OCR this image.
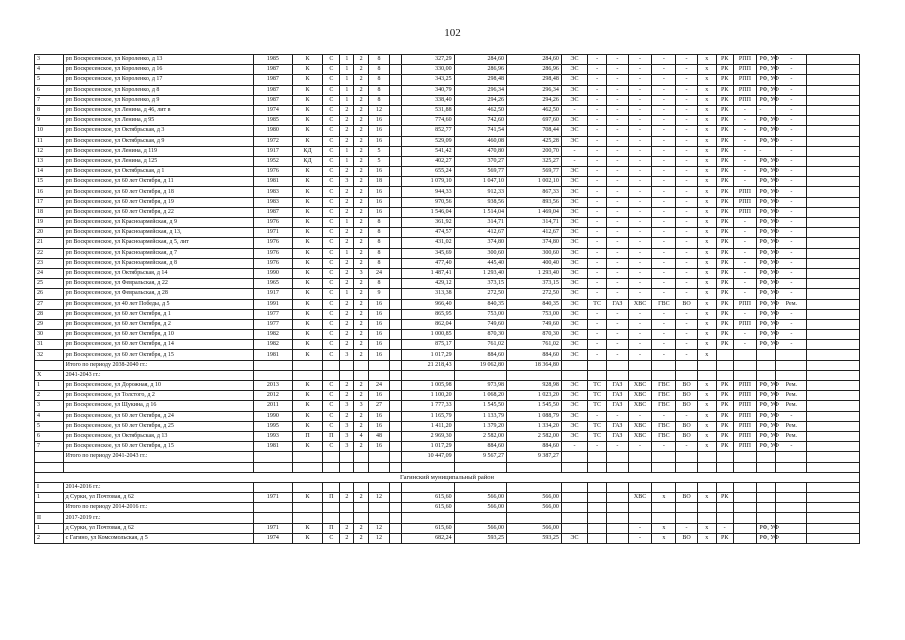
102
3	рп Воскресенское, ул Короленко, д 13	1985	К	С	1	2	8		327,29	284,60	284,60	ЭС	-	-	-	-	-	х	РК	РПП	РФ, УФ	-	
4	рп Воскресенское, ул Короленко, д 16	1987	К	С	1	2	8		330,00	286,96	286,96	ЭС	-	-	-	-	-	х	РК	РПП	РФ, УФ	-	
5	рп Воскресенское, ул Короленко, д 17	1987	К	С	1	2	8		343,25	298,48	298,48	ЭС	-	-	-	-	-	х	РК	РПП	РФ, УФ	-	
6	рп Воскресенское, ул Короленко, д 8	1987	К	С	1	2	8		340,79	296,34	296,34	ЭС	-	-	-	-	-	х	РК	РПП	РФ, УФ	-	
7	рп Воскресенское, ул Короленко, д 9	1987	К	С	1	2	8		338,40	294,26	294,26	ЭС	-	-	-	-	-	х	РК	РПП	РФ, УФ	-	
8	рп Воскресенское, ул Ленина, д 46, лит в	1974	К	С	2	2	12		531,88	462,50	462,50	-	-	-	-	-	-	х	РК	-	-	-	
9	рп Воскресенское, ул Ленина, д 95	1985	К	С	2	2	16		774,60	742,60	697,60	ЭС	-	-	-	-	-	х	РК	-	РФ, УФ	-	
10	рп Воскресенское, ул Октябрьская, д 3	1980	К	С	2	2	16		852,77	741,54	708,44	ЭС	-	-	-	-	-	х	РК	-	РФ, УФ	-	
11	рп Воскресенское, ул Октябрьская, д 9	1972	К	С	2	2	16		529,09	460,08	425,28	ЭС	-	-	-	-	-	х	РК	-	РФ, УФ	-	
12	рп Воскресенское, ул Ленина, д 119	1917	КД	С	1	2	5		541,42	470,80	200,70	-	-	-	-	-	-	х	РК	-	-	-	
13	рп Воскресенское, ул Ленина, д 125	1952	КД	С	1	2	5		402,27	370,27	325,27	-	-	-	-	-	-	х	РК	-	РФ, УФ	-	
14	рп Воскресенское, ул Октябрьская, д 1	1976	К	С	2	2	16		655,24	569,77	569,77	ЭС	-	-	-	-	-	х	РК	-	РФ, УФ	-	
15	рп Воскресенское, ул 60 лет Октября, д 11	1981	К	С	3	2	18		1 079,10	1 047,10	1 002,10	ЭС	-	-	-	-	-	х	РК	-	РФ, УФ	-	
16	рп Воскресенское, ул 60 лет Октября, д 18	1983	К	С	2	2	16		944,33	912,33	867,33	ЭС	-	-	-	-	-	х	РК	РПП	РФ, УФ	-	
17	рп Воскресенское, ул 60 лет Октября, д 19	1983	К	С	2	2	16		970,56	938,56	893,56	ЭС	-	-	-	-	-	х	РК	РПП	РФ, УФ	-	
18	рп Воскресенское, ул 60 лет Октября, д 22	1987	К	С	2	2	16		1 546,04	1 514,04	1 469,04	ЭС	-	-	-	-	-	х	РК	РПП	РФ, УФ	-	
19	рп Воскресенское, ул Красноармейская, д 9	1976	К	С	1	2	8		361,92	314,71	314,71	ЭС	-	-	-	-	-	х	РК	-	РФ, УФ	-	
20	рп Воскресенское, ул Красноармейская, д 13,	1971	К	С	2	2	8		474,57	412,67	412,67	ЭС	-	-	-	-	-	х	РК	-	РФ, УФ	-	
21	рп Воскресенское, ул Красноармейская, д 5, лит	1976	К	С	2	2	8		431,02	374,80	374,80	ЭС	-	-	-	-	-	х	РК	-	РФ, УФ	-	
22	рп Воскресенское, ул Красноармейская, д 7	1976	К	С	1	2	8		345,69	300,60	300,60	ЭС	-	-	-	-	-	х	РК	-	РФ, УФ	-	
23	рп Воскресенское, ул Красноармейская, д 8	1976	К	С	2	2	8		477,40	445,40	400,40	ЭС	-	-	-	-	-	х	РК	-	РФ, УФ	-	
24	рп Воскресенское, ул Октябрьская, д 14	1990	К	С	2	3	24		1 487,41	1 293,40	1 293,40	ЭС	-	-	-	-	-	х	РК	-	РФ, УФ	-	
25	рп Воскресенское, ул Февральская, д 22	1965	К	С	2	2	8		429,12	373,15	373,15	ЭС	-	-	-	-	-	х	РК	-	РФ, УФ	-	
26	рп Воскресенское, ул Февральская, д 28	1917	К	С	1	2	9		313,38	272,50	272,50	ЭС	-	-	-	-	-	х	РК	-	РФ, УФ	-	
27	рп Воскресенское, ул 40 лет Победы, д 5	1991	К	С	2	2	16		966,40	840,35	840,35	ЭС	ТС	ГАЗ	ХВС	ГВС	ВО	х	РК	РПП	РФ, УФ	Рем.	
28	рп Воскресенское, ул 60 лет Октября, д 1	1977	К	С	2	2	16		865,95	753,00	753,00	ЭС	-	-	-	-	-	х	РК	-	РФ, УФ	-	
29	рп Воскресенское, ул 60 лет Октября, д 2	1977	К	С	2	2	16		862,04	749,60	749,60	ЭС	-	-	-	-	-	х	РК	РПП	РФ, УФ	-	
30	рп Воскресенское, ул 60 лет Октября, д 10	1982	К	С	2	2	16		1 000,85	870,30	870,30	ЭС	-	-	-	-	-	х	РК	-	РФ, УФ	-	
31	рп Воскресенское, ул 60 лет Октября, д 14	1982	К	С	2	2	16		875,17	761,02	761,02	ЭС	-	-	-	-	-	х	РК	-	РФ, УФ	-	
32	рп Воскресенское, ул 60 лет Октября, д 15	1981	К	С	3	2	16		1 017,29	884,60	884,60	ЭС	-	-	-	-	-	х					
	Итого по периоду 2038-2040 гг.:								21 218,43	19 062,80	18 364,80												
X	2041-2043 гг.:																						
1	рп Воскресенское, ул Дорожная, д 10	2013	К	С	2	2	24		1 005,98	973,98	928,98	ЭС	ТС	ГАЗ	ХВС	ГВС	ВО	х	РК	РПП	РФ, УФ	Рем.	
2	рп Воскресенское, ул Толстого, д 2	2012	К	С	2	2	16		1 100,20	1 068,20	1 023,20	ЭС	ТС	ГАЗ	ХВС	ГВС	ВО	х	РК	РПП	РФ, УФ	Рем.	
3	рп Воскресенское, ул Щукина, д 16	2011	К	С	3	3	27		1 777,33	1 545,50	1 545,50	ЭС	ТС	ГАЗ	ХВС	ГВС	ВО	х	РК	РПП	РФ, УФ	Рем.	
4	рп Воскресенское, ул 60 лет Октября, д 24	1990	К	С	2	2	16		1 165,79	1 133,79	1 088,79	ЭС	-	-	-	-	-	х	РК	РПП	РФ, УФ	-	
5	рп Воскресенское, ул 60 лет Октября, д 25	1995	К	С	3	2	16		1 411,20	1 379,20	1 334,20	ЭС	ТС	ГАЗ	ХВС	ГВС	ВО	х	РК	РПП	РФ, УФ	Рем.	
6	рп Воскресенское, ул Октябрьская, д 13	1993	П	П	3	4	48		2 969,30	2 582,00	2 582,00	ЭС	ТС	ГАЗ	ХВС	ГВС	ВО	х	РК	РПП	РФ, УФ	Рем.	
7	рп Воскресенское, ул 60 лет Октября, д 15	1981	К	С	3	2	16		1 017,29	884,60	884,60	-	-	-	-	-	-	х	РК	РПП	РФ, УФ	-	
	Итого по периоду 2041-2043 гг.:								10 447,09	9 567,27	9 387,27												

Гагинский муниципальный район																							
I	2014-2016 гг.:																						
1	д Сурки, ул Почтовая, д 62	1971	К	П	2	2	12		615,60	566,00	566,00				ХВС	х	ВО	х	РК				
	Итого по периоду 2014-2016 гг.:								615,60	566,00	566,00												
II	2017-2019 гг.:																						
1	д Сурки, ул Почтовая, д 62	1971	К	П	2	2	12		615,60	566,00	566,00				-	х	-	х	-		РФ, УФ		
2	с Гагино, ул Комсомольская, д 5	1974	К	С	2	2	12		682,24	593,25	593,25	ЭС			-	х	ВО	х	РК		РФ, УФ		
